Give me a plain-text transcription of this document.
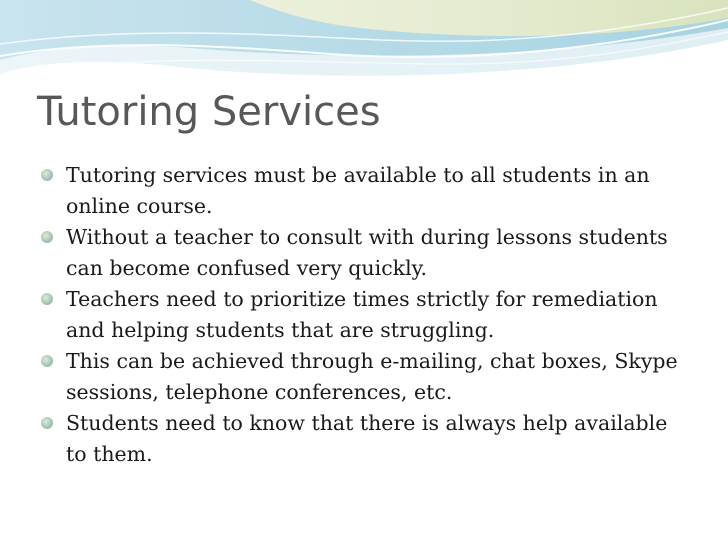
Tutoring Services
Tutoring services must be available to all students in an online course.
Without a teacher to consult with during lessons students can become confused very quickly.
Teachers need to prioritize times strictly for remediation and helping students that are struggling.
This can be achieved through e-mailing, chat boxes, Skype sessions, telephone conferences, etc.
Students need to know that there is always help available to them.
